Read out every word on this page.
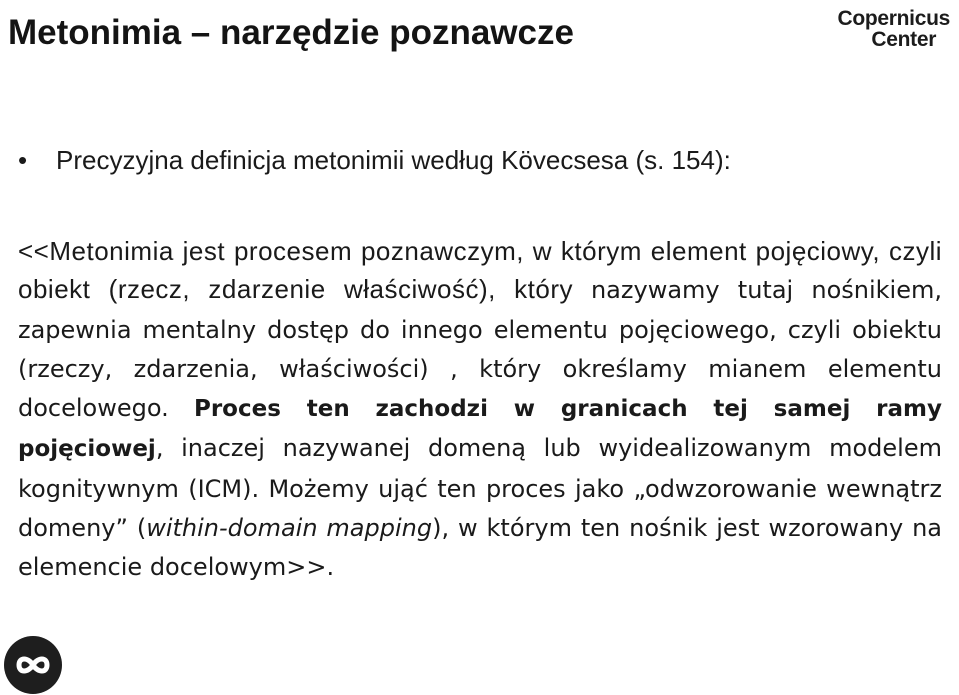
Metonimia – narzędzie poznawcze	Copernicus
Center
• Precyzyjna definicja metonimii według Kövecsesa (s. 154):

<<Metonimia jest procesem poznawczym, w którym element pojęciowy, czyli obiekt (rzecz, zdarzenie właściwość), który nazywamy tutaj nośnikiem, zapewnia mentalny dostęp do innego elementu pojęciowego, czyli obiektu (rzeczy, zdarzenia, właściwości) , który określamy mianem elementu docelowego. Proces ten zachodzi w granicach tej samej ramy pojęciowej, inaczej nazywanej domeną lub wyidealizowanym modelem kognitywnym (ICM). Możemy ująć ten proces jako „odwzorowanie wewnątrz domeny” (within-domain mapping), w którym ten nośnik jest wzorowany na elemencie docelowym>>.
